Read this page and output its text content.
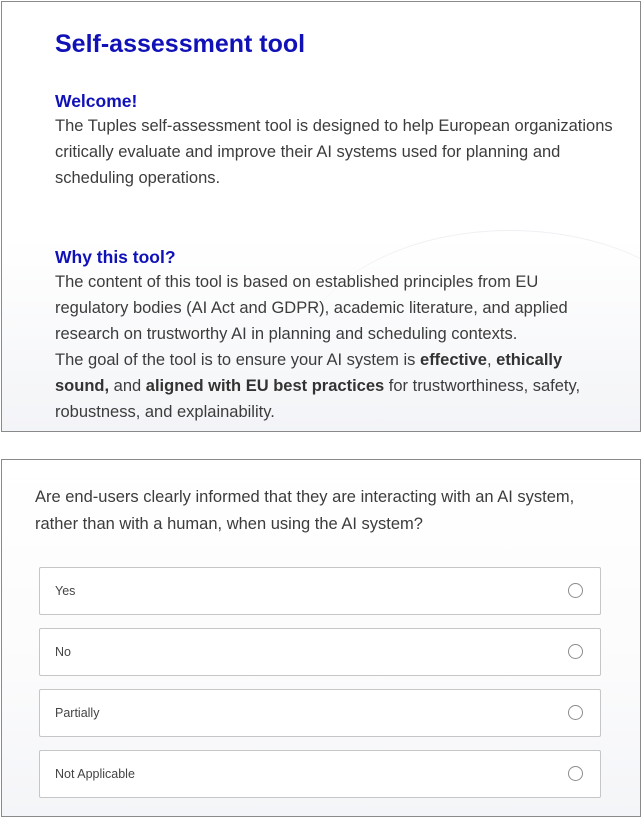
Self-assessment tool
Welcome!

The Tuples self-assessment tool is designed to help European organizations critically evaluate and improve their AI systems used for planning and scheduling operations.

Why this tool?

The content of this tool is based on established principles from EU regulatory bodies (AI Act and GDPR), academic literature, and applied research on trustworthy AI in planning and scheduling contexts.

The goal of the tool is to ensure your AI system is effective, ethically sound, and aligned with EU best practices for trustworthiness, safety, robustness, and explainability.

Are end-users clearly informed that they are interacting with an AI system, rather than with a human, when using the AI system?

Yes
No
Partially
Not Applicable
